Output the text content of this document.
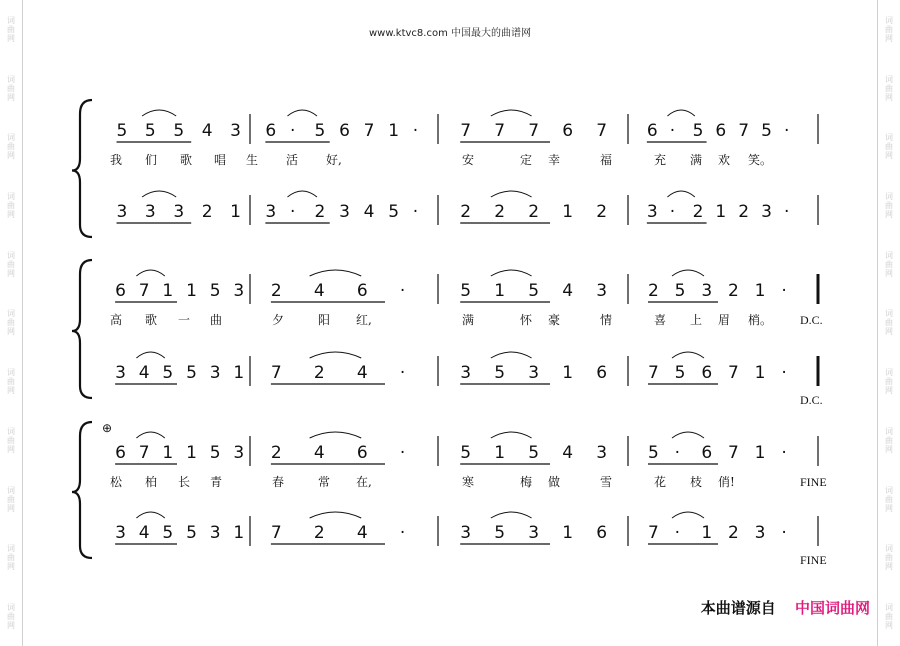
词
曲
网
词
曲
网
词
曲
网
词
曲
网
词
曲
网
词
曲
网
词
曲
网
词
曲
网
词
曲
网
词
曲
网
词
曲
网
词
曲
网
词
曲
网
词
曲
网
词
曲
网
词
曲
网
词
曲
网
词
曲
网
词
曲
网
词
曲
网
词
曲
网
词
曲
网
www.ktvc8.com 中国最大的曲谱网
5 5 5 4 3 6 · 5 6 7 1 · 7 7 7 6 7 6 · 5 6 7 5 ·
我 们 歌 唱 生 活 好,	安	定 幸	福	充 满 欢 笑。
3 3 3 2 1 3 · 2 3 4 5 · 2 2 2 1 2 3 · 2 1 2 3 ·
6 7 1 1 5 3 2 4 6 ·	5 1 5 4 3 2 5 3 2 1 ·
高 歌 一 曲	夕	阳 红,	满	怀 豪	情	喜 上 眉 梢。 D.C.
3 4 5 5 3 1 7 2 4 ·	3 5 3 1 6 7 5 6 7 1 ·
D.C.
6 7 1 1 5 3 2 4 6 ·	5 1 5 4 3 5 · 6 7 1 ·
松 柏 长 青	春	常 在,	寒	梅 做	雪	花 枝 俏!	FINE
⊕
3 4 5 5 3 1 7 2 4 ·	3 5 3 1 6 7 · 1 2 3 ·
FINE
本曲谱源自 中国词曲网
